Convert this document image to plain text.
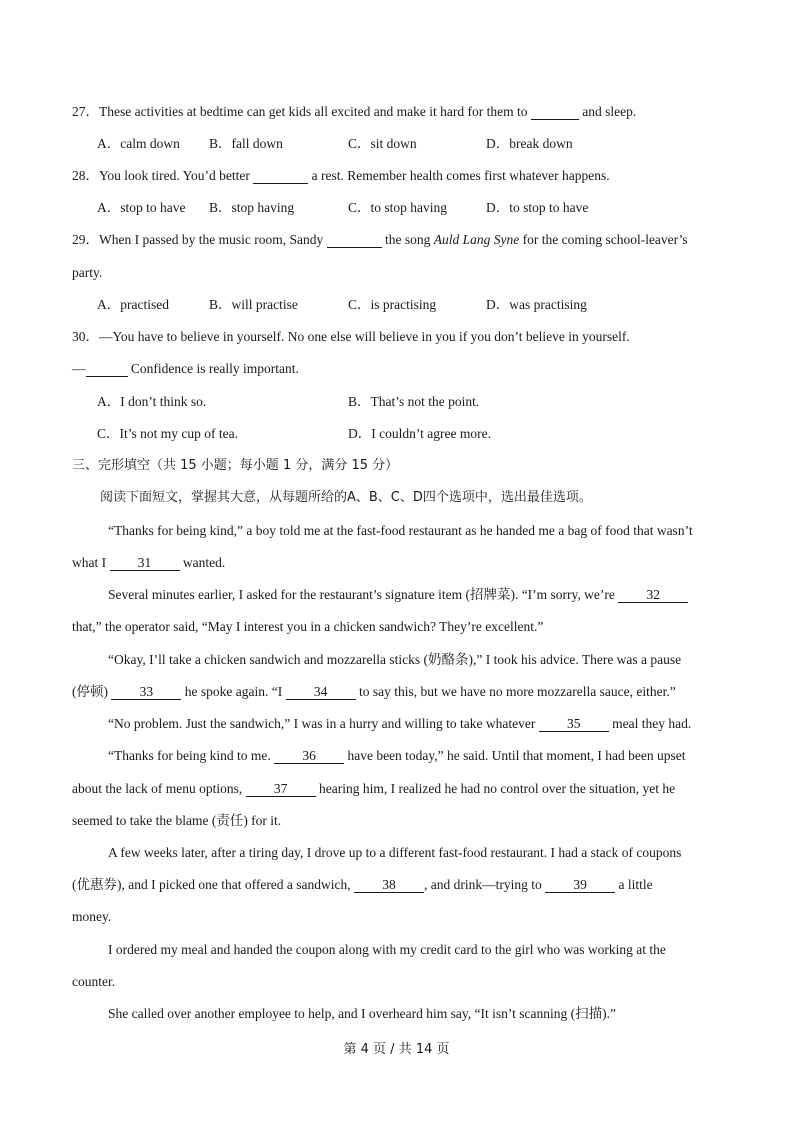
27．These activities at bedtime can get kids all excited and make it hard for them to	and sleep.
A．calm down B．fall down	C．sit down	D．break down
28．You look tired. You’d better	a rest. Remember health comes first whatever happens.
A．stop to have B．stop having	C．to stop having	D．to stop to have
29．When I passed by the music room, Sandy	the song Auld Lang Syne for the coming school-leaver’s
party.
A．practised	B．will practise	C．is practising	D．was practising
30．—You have to believe in yourself. No one else will believe in you if you don’t believe in yourself.
—	Confidence is really important.
A．I don’t think so.	B．That’s not the point.
C．It’s not my cup of tea.	D．I couldn’t agree more.
三、完形填空（共 15 小题；每小题 1 分，满分 15 分）
阅读下面短文，掌握其大意，从每题所给的A、B、C、D四个选项中，选出最佳选项。
“Thanks for being kind,” a boy told me at the fast-food restaurant as he handed me a bag of food that wasn’t
what I 31 wanted.
Several minutes earlier, I asked for the restaurant’s signature item (招牌菜). “I’m sorry, we’re 32
that,” the operator said, “May I interest you in a chicken sandwich? They’re excellent.”
“Okay, I’ll take a chicken sandwich and mozzarella sticks (奶酪条),” I took his advice. There was a pause
(停顿) 33 he spoke again. “I 34 to say this, but we have no more mozzarella sauce, either.”
“No problem. Just the sandwich,” I was in a hurry and willing to take whatever 35 meal they had.
“Thanks for being kind to me. 36 have been today,” he said. Until that moment, I had been upset
about the lack of menu options, 37 hearing him, I realized he had no control over the situation, yet he
seemed to take the blame (责任) for it.
A few weeks later, after a tiring day, I drove up to a different fast-food restaurant. I had a stack of coupons
(优惠券), and I picked one that offered a sandwich, 38 , and drink—trying to 39 a little
money.
I ordered my meal and handed the coupon along with my credit card to the girl who was working at the
counter.
She called over another employee to help, and I overheard him say, “It isn’t scanning (扫描).”
第 4 页 / 共 14 页
